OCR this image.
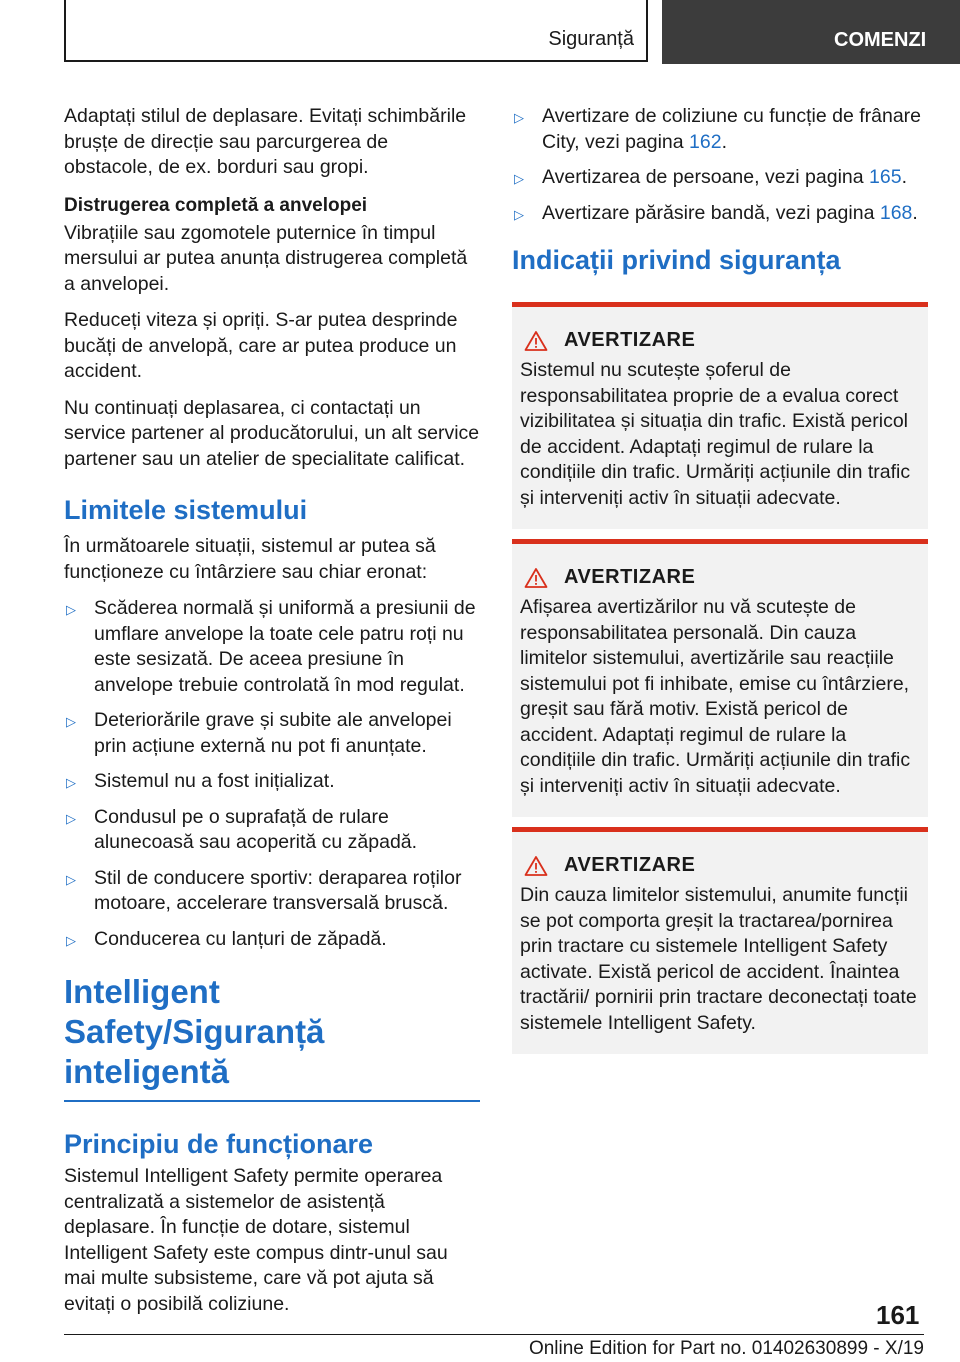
Siguranță	COMENZI

Adaptați stilul de deplasare. Evitați schimbările brușțe de direcție sau parcurgerea de obstacole, de ex. borduri sau gropi.

Distrugerea completă a anvelopei

Vibrațiile sau zgomotele puternice în timpul mersului ar putea anunța distrugerea completă a anvelopei.

Reduceți viteza și opriți. S-ar putea desprinde bucăți de anvelopă, care ar putea produce un accident.

Nu continuați deplasarea, ci contactați un service partener al producătorului, un alt service partener sau un atelier de specialitate calificat.

Limitele sistemului

În următoarele situații, sistemul ar putea să funcționeze cu întârziere sau chiar eronat:

▷ Scăderea normală și uniformă a presiunii de umflare anvelope la toate cele patru roți nu este sesizată. De aceea presiune în anvelope trebuie controlată în mod regulat.
▷ Deteriorările grave și subite ale anvelopei prin acțiune externă nu pot fi anunțate.
▷ Sistemul nu a fost inițializat.
▷ Condusul pe o suprafață de rulare alunecoasă sau acoperită cu zăpadă.
▷ Stil de conducere sportiv: deraparea roților motoare, accelerare transversală bruscă.
▷ Conducerea cu lanțuri de zăpadă.
Intelligent Safety/Siguranță inteligentă
Principiu de funcționare

Sistemul Intelligent Safety permite operarea centralizată a sistemelor de asistență deplasare. În funcție de dotare, sistemul Intelligent Safety este compus dintr-unul sau mai multe subsisteme, care vă pot ajuta să evitați o posibilă coliziune.

▷ Avertizare de coliziune cu funcție de frânare City, vezi pagina 162.
▷ Avertizarea de persoane, vezi pagina 165.
▷ Avertizare părăsire bandă, vezi pagina 168.
Indicații privind siguranța
AVERTIZARE

Sistemul nu scutește șoferul de responsabilitatea proprie de a evalua corect vizibilitatea și situația din trafic. Există pericol de accident. Adaptați regimul de rulare la condițiile din trafic. Urmăriți acțiunile din trafic și interveniți activ în situații adecvate.

AVERTIZARE

Afișarea avertizărilor nu vă scutește de responsabilitatea personală. Din cauza limitelor sistemului, avertizările sau reacțiile sistemului pot fi inhibate, emise cu întârziere, greșit sau fără motiv. Există pericol de accident. Adaptați regimul de rulare la condițiile din trafic. Urmăriți acțiunile din trafic și interveniți activ în situații adecvate.

AVERTIZARE

Din cauza limitelor sistemului, anumite funcții se pot comporta greșit la tractarea/pornirea prin tractare cu sistemele Intelligent Safety activate. Există pericol de accident. Înaintea tractării/ pornirii prin tractare deconectați toate sistemele Intelligent Safety.

161
Online Edition for Part no. 01402630899 - X/19
